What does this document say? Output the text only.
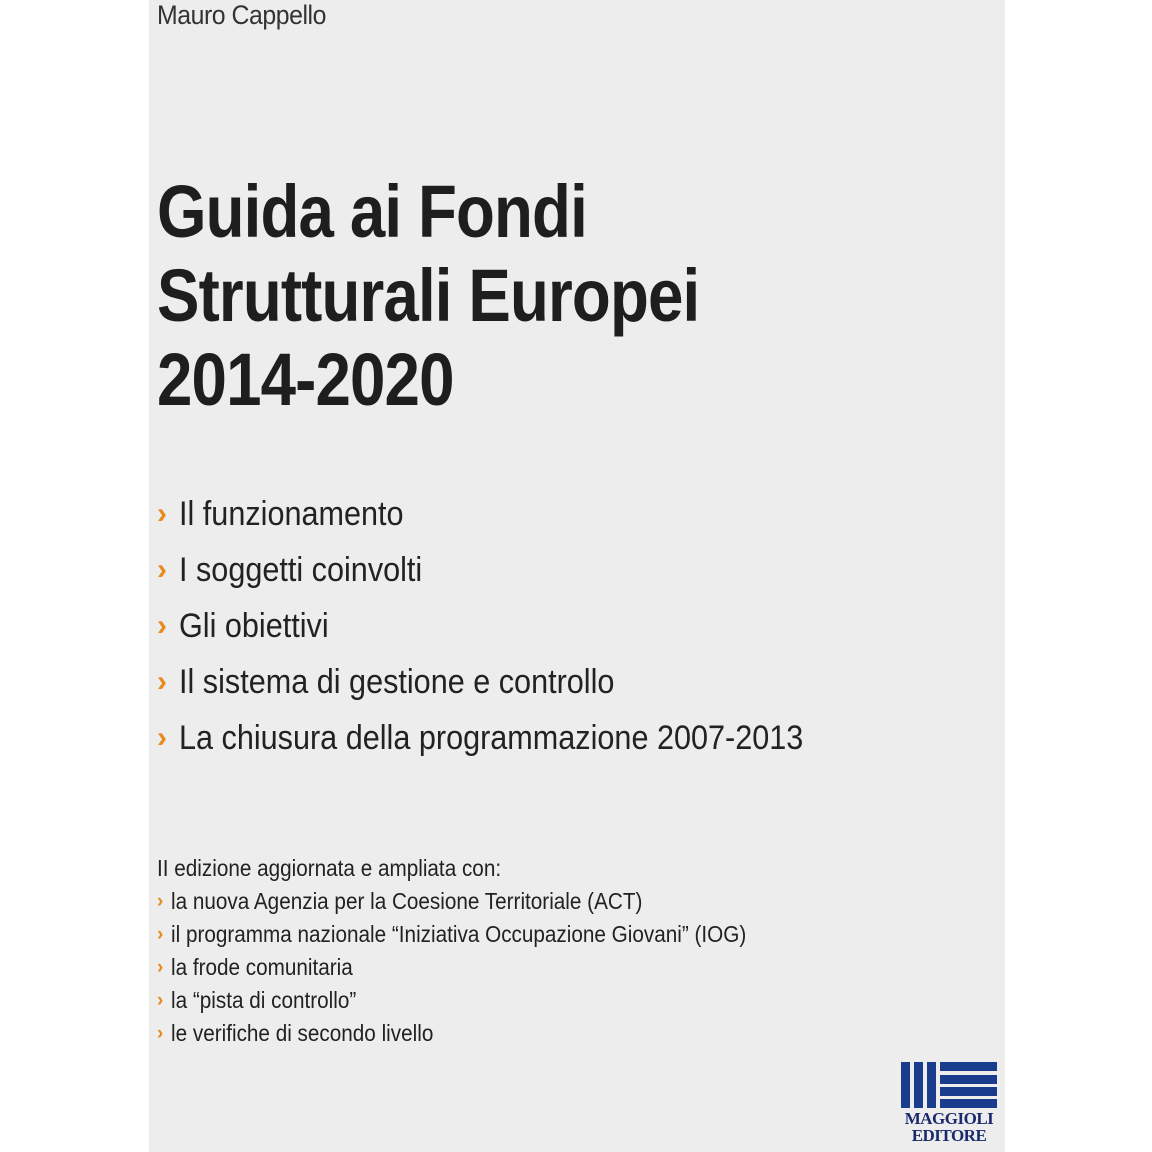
Mauro Cappello
Guida ai Fondi
Strutturali Europei
2014-2020
› Il funzionamento
› I soggetti coinvolti
› Gli obiettivi
› Il sistema di gestione e controllo
› La chiusura della programmazione 2007-2013
II edizione aggiornata e ampliata con:
› la nuova Agenzia per la Coesione Territoriale (ACT)
› il programma nazionale “Iniziativa Occupazione Giovani” (IOG)
› la frode comunitaria
› la “pista di controllo”
› le verifiche di secondo livello
MAGGIOLI
EDITORE
